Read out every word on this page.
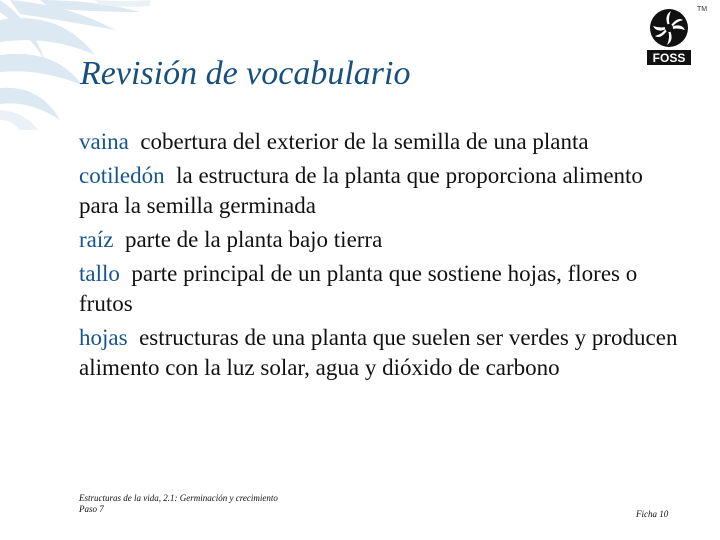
FOSS
TM
Revisión de vocabulario

vaina cobertura del exterior de la semilla de una planta

cotiledón la estructura de la planta que proporciona alimento para la semilla germinada

raíz parte de la planta bajo tierra

tallo parte principal de un planta que sostiene hojas, flores o frutos

hojas estructuras de una planta que suelen ser verdes y producen alimento con la luz solar, agua y dióxido de carbono

Estructuras de la vida, 2.1: Germinación y crecimiento
Paso 7	Ficha 10
